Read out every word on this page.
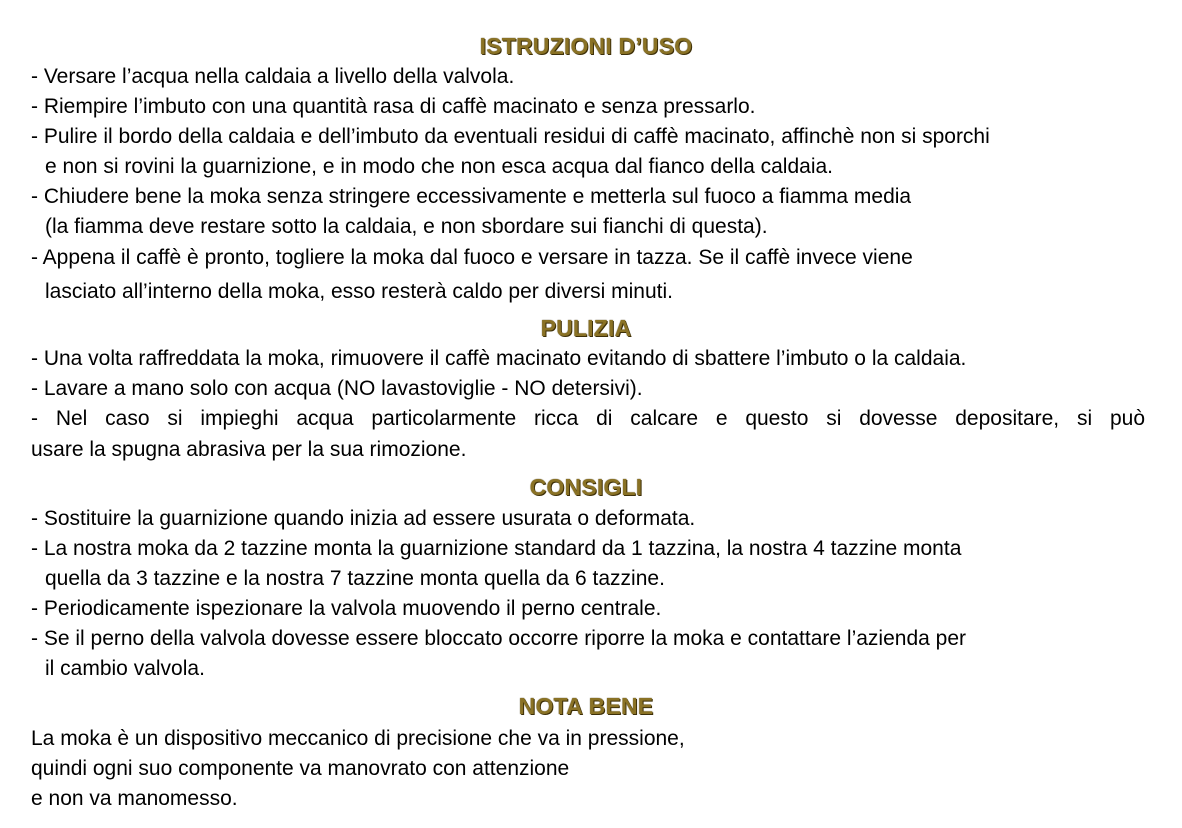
ISTRUZIONI D’USO
- Versare l’acqua nella caldaia a livello della valvola.
- Riempire l’imbuto con una quantità rasa di caffè macinato e senza pressarlo.
- Pulire il bordo della caldaia e dell’imbuto da eventuali residui di caffè macinato, affinchè non si sporchi
e non si rovini la guarnizione, e in modo che non esca acqua dal fianco della caldaia.
- Chiudere bene la moka senza stringere eccessivamente e metterla sul fuoco a fiamma media
(la fiamma deve restare sotto la caldaia, e non sbordare sui fianchi di questa).
- Appena il caffè è pronto, togliere la moka dal fuoco e versare in tazza. Se il caffè invece viene
lasciato all’interno della moka, esso resterà caldo per diversi minuti.
PULIZIA
- Una volta raffreddata la moka, rimuovere il caffè macinato evitando di sbattere l’imbuto o la caldaia.
- Lavare a mano solo con acqua (NO lavastoviglie - NO detersivi).
- Nel caso si impieghi acqua particolarmente ricca di calcare e questo si dovesse depositare, si può
usare la spugna abrasiva per la sua rimozione.
CONSIGLI
- Sostituire la guarnizione quando inizia ad essere usurata o deformata.
- La nostra moka da 2 tazzine monta la guarnizione standard da 1 tazzina, la nostra 4 tazzine monta
quella da 3 tazzine e la nostra 7 tazzine monta quella da 6 tazzine.
- Periodicamente ispezionare la valvola muovendo il perno centrale.
- Se il perno della valvola dovesse essere bloccato occorre riporre la moka e contattare l’azienda per
il cambio valvola.
NOTA BENE
La moka è un dispositivo meccanico di precisione che va in pressione,
quindi ogni suo componente va manovrato con attenzione
e non va manomesso.
